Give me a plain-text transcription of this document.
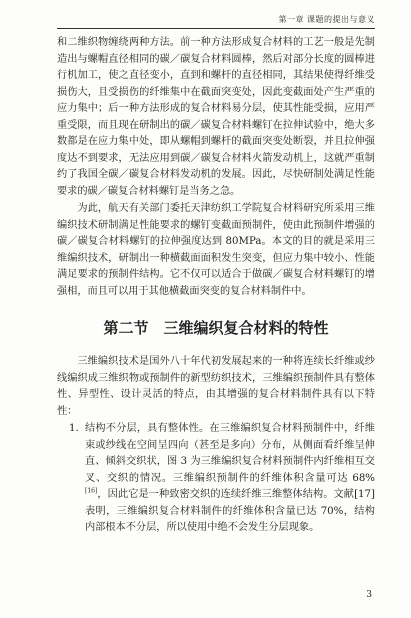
第一章 课题的提出与意义

和二维织物缠绕两种方法。前一种方法形成复合材料的工艺一般是先制造出与螺帽直径相同的碳／碳复合材料圆棒，然后对部分长度的圆棒进行机加工，使之直径变小，直到和螺杆的直径相同，其结果使得纤维受损伤大，且受损伤的纤维集中在截面突变处，因此变截面处产生严重的应力集中；后一种方法形成的复合材料易分层，使其性能受损，应用严重受限，而且现在研制出的碳／碳复合材料螺钉在拉伸试验中，绝大多数都是在应力集中处，即从螺帽到螺杆的截面突变处断裂，并且拉伸强度达不到要求，无法应用到碳／碳复合材料火箭发动机上，这就严重制约了我国全碳／碳复合材料发动机的发展。因此，尽快研制处满足性能要求的碳／碳复合材料螺钉是当务之急。

为此，航天有关部门委托天津纺织工学院复合材料研究所采用三维编织技术研制满足性能要求的螺钉变截面预制件，使由此预制件增强的碳／碳复合材料螺钉的拉伸强度达到 80MPa。本文的目的就是采用三维编织技术，研制出一种横截面面积发生突变，但应力集中较小、性能满足要求的预制件结构。它不仅可以适合于做碳／碳复合材料螺钉的增强相，而且可以用于其他横截面突变的复合材料制件中。

第二节　三维编织复合材料的特性

三维编织技术是国外八十年代初发展起来的一种将连续长纤维或纱线编织成三维织物或预制件的新型纺织技术，三维编织预制件具有整体性、异型性、设计灵活的特点，由其增强的复合材料制件具有以下特性：

1. 结构不分层，具有整体性。在三维编织复合材料预制件中，纤维束或纱线在空间呈四向（甚至是多向）分布，从侧面看纤维呈伸直、倾斜交织状，图 3 为三维编织复合材料预制件内纤维相互交叉、交织的情况。三维编织预制件的纤维体积含量可达 68%[16]，因此它是一种致密交织的连续纤维三维整体结构。文献[17]表明，三维编织复合材料制件的纤维体积含量已达 70%，结构内部根本不分层，所以使用中绝不会发生分层现象。
3
